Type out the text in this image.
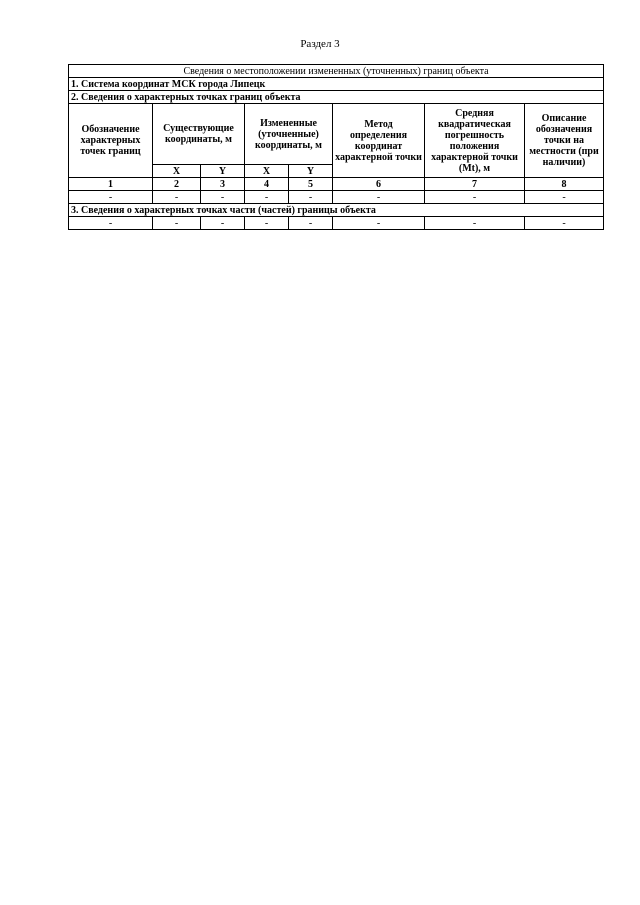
Раздел 3
Сведения о местоположении измененных (уточненных) границ объекта							
1. Система координат МСК города Липецк							
2. Сведения о характерных точках границ объекта							
Обозначение характерных точек границ	Существующие координаты, м		Измененные (уточненные) координаты, м		Метод определения координат характерной точки	Средняя квадратическая погрешность положения характерной точки (Mt), м	Описание обозначения точки на местности (при наличии)
	X	Y	X	Y			
1	2	3	4	5	6	7	8
-	-	-	-	-	-	-	-
3. Сведения о характерных точках части (частей) границы объекта							
-	-	-	-	-	-	-	-
